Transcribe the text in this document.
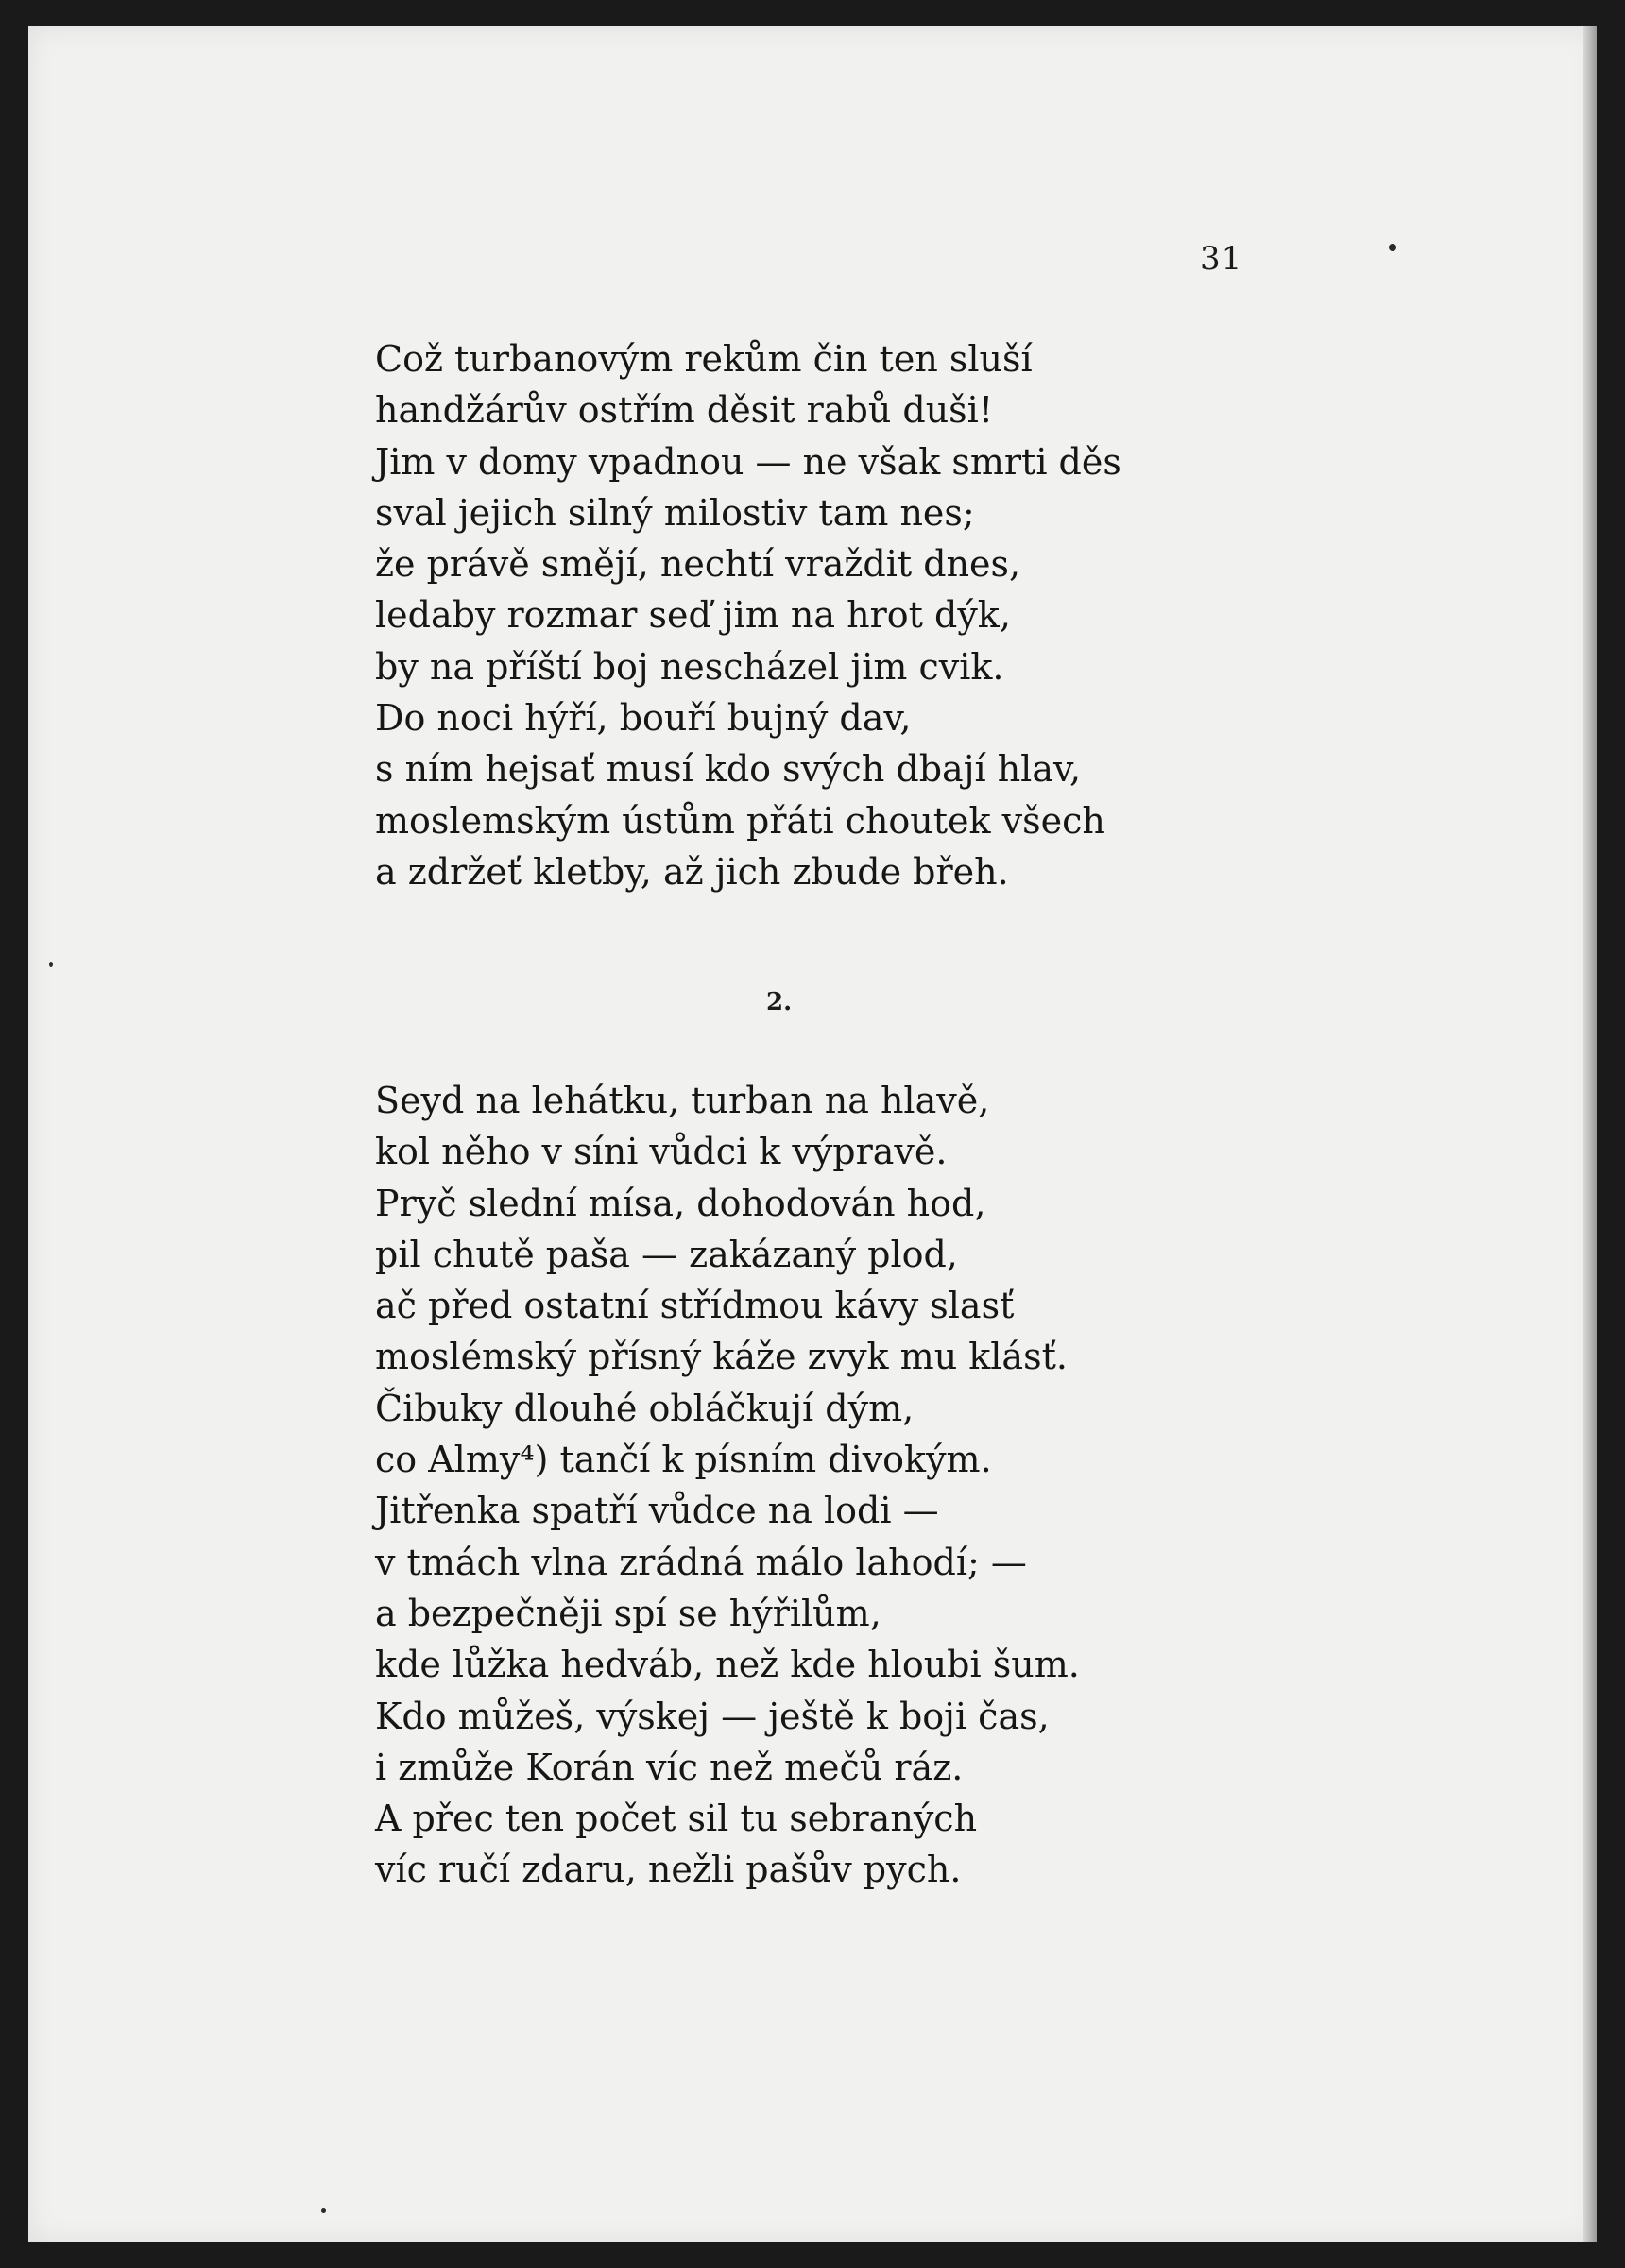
31
Což turbanovým rekům čin ten sluší
handžárův ostřím děsit rabů duši!
Jim v domy vpadnou — ne však smrti děs
sval jejich silný milostiv tam nes;
že právě smějí, nechtí vraždit dnes,
ledaby rozmar seď jim na hrot dýk,
by na příští boj nescházel jim cvik.
Do noci hýří, bouří bujný dav,
s ním hejsať musí kdo svých dbají hlav,
moslemským ústům přáti choutek všech
a zdržeť kletby, až jich zbude břeh.
2.
Seyd na lehátku, turban na hlavě,
kol něho v síni vůdci k výpravě.
Pryč slední mísa, dohodován hod,
pil chutě paša — zakázaný plod,
ač před ostatní střídmou kávy slasť
moslémský přísný káže zvyk mu klásť.
Čibuky dlouhé obláčkují dým,
co Almy⁴) tančí k písním divokým.
Jitřenka spatří vůdce na lodi —
v tmách vlna zrádná málo lahodí; —
a bezpečněji spí se hýřilům,
kde lůžka hedváb, než kde hloubi šum.
Kdo můžeš, výskej — ještě k boji čas,
i zmůže Korán víc než mečů ráz.
A přec ten počet sil tu sebraných
víc ručí zdaru, nežli pašův pych.
